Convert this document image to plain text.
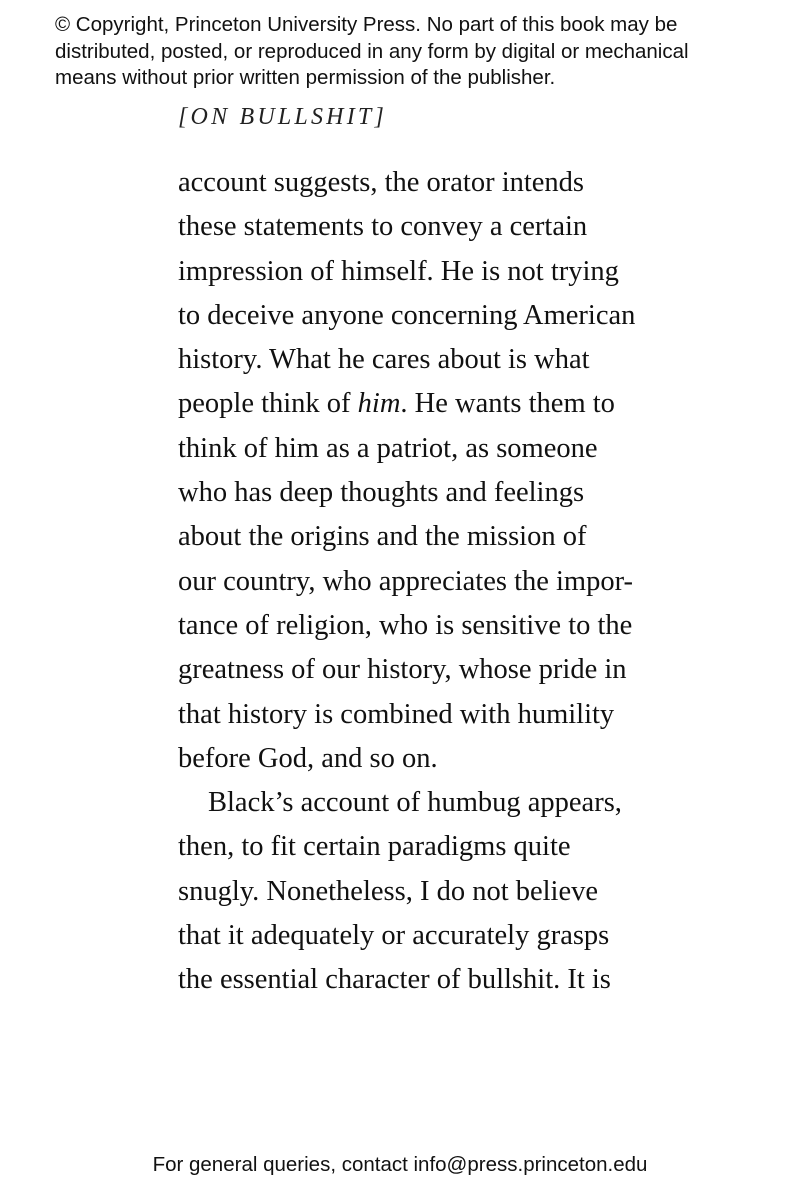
© Copyright, Princeton University Press. No part of this book may be
distributed, posted, or reproduced in any form by digital or mechanical
means without prior written permission of the publisher.
[ON BULLSHIT]
account suggests, the orator intends
these statements to convey a certain
impression of himself. He is not trying
to deceive anyone concerning American
history. What he cares about is what
people think of him. He wants them to
think of him as a patriot, as someone
who has deep thoughts and feelings
about the origins and the mission of
our country, who appreciates the impor-
tance of religion, who is sensitive to the
greatness of our history, whose pride in
that history is combined with humility
before God, and so on.
Black’s account of humbug appears,
then, to fit certain paradigms quite
snugly. Nonetheless, I do not believe
that it adequately or accurately grasps
the essential character of bullshit. It is
For general queries, contact info@press.princeton.edu
